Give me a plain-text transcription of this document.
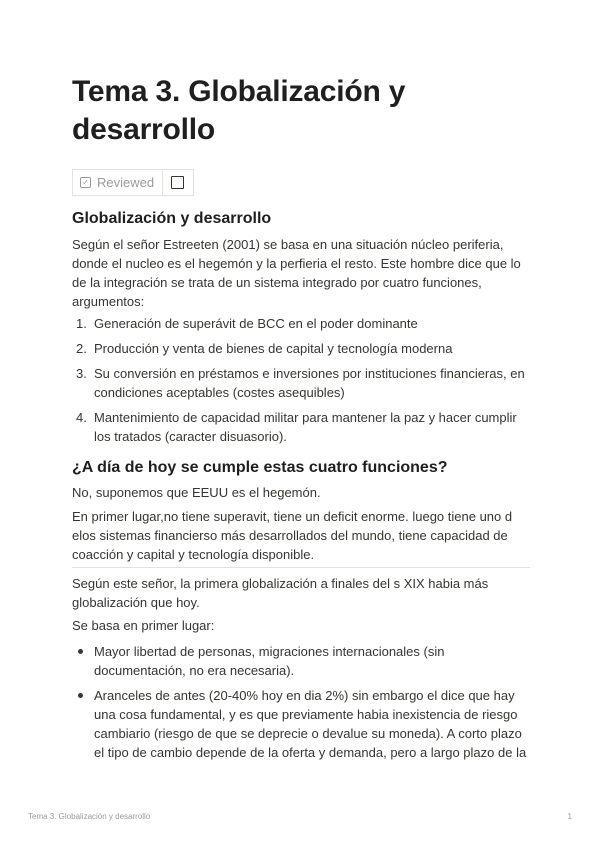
Tema 3. Globalización y desarrollo
✓ Reviewed
Globalización y desarrollo

Según el señor Estreeten (2001) se basa en una situación núcleo periferia, donde el nucleo es el hegemón y la perfieria el resto. Este hombre dice que lo de la integración se trata de un sistema integrado por cuatro funciones, argumentos:

1. Generación de superávit de BCC en el poder dominante
2. Producción y venta de bienes de capital y tecnología moderna
3. Su conversión en préstamos e inversiones por instituciones financieras, en condiciones aceptables (costes asequibles)
4. Mantenimiento de capacidad militar para mantener la paz y hacer cumplir los tratados (caracter disuasorio).
¿A día de hoy se cumple estas cuatro funciones?

No, suponemos que EEUU es el hegemón.

En primer lugar,no tiene superavit, tiene un deficit enorme. luego tiene uno d elos sistemas financierso más desarrollados del mundo, tiene capacidad de coacción y capital y tecnología disponible.

Según este señor, la primera globalización a finales del s XIX habia más globalización que hoy.

Se basa en primer lugar:

Mayor libertad de personas, migraciones internacionales (sin documentación, no era necesaria).
Aranceles de antes (20-40% hoy en dia 2%) sin embargo el dice que hay una cosa fundamental, y es que previamente habia inexistencia de riesgo cambiario (riesgo de que se deprecie o devalue su moneda). A corto plazo el tipo de cambio depende de la oferta y demanda, pero a largo plazo de la
Tema 3. Globalización y desarrollo	1
